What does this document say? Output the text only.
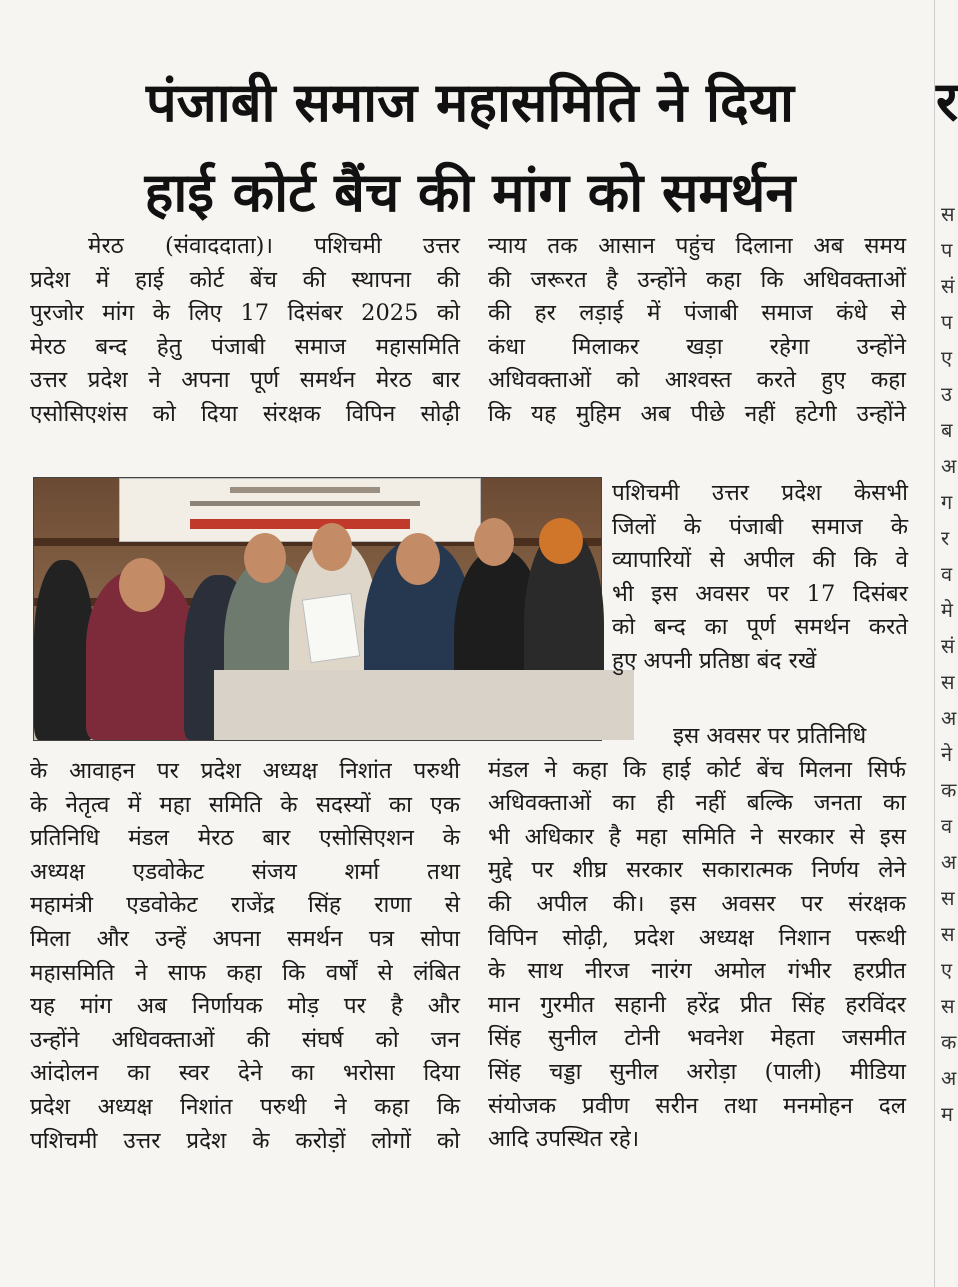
पंजाबी समाज महासमिति ने दिया
हाई कोर्ट बैंच की मांग को समर्थन
मेरठ (संवाददाता)। पशिचमी उत्तर
प्रदेश में हाई कोर्ट बेंच की स्थापना की
पुरजोर मांग के लिए 17 दिसंबर 2025 को
मेरठ बन्द हेतु पंजाबी समाज महासमिति
उत्तर प्रदेश ने अपना पूर्ण समर्थन मेरठ बार
एसोसिएशंस को दिया संरक्षक विपिन सोढ़ी
के आवाहन पर प्रदेश अध्यक्ष निशांत परुथी
के नेतृत्व में महा समिति के सदस्यों का एक
प्रतिनिधि मंडल मेरठ बार एसोसिएशन के
अध्यक्ष एडवोकेट संजय शर्मा तथा
महामंत्री एडवोकेट राजेंद्र सिंह राणा से
मिला और उन्हें अपना समर्थन पत्र सोपा
महासमिति ने साफ कहा कि वर्षों से लंबित
यह मांग अब निर्णायक मोड़ पर है और
उन्होंने अधिवक्ताओं की संघर्ष को जन
आंदोलन का स्वर देने का भरोसा दिया
प्रदेश अध्यक्ष निशांत परुथी ने कहा कि
पशिचमी उत्तर प्रदेश के करोड़ों लोगों को
न्याय तक आसान पहुंच दिलाना अब समय
की जरूरत है उन्होंने कहा कि अधिवक्ताओं
की हर लड़ाई में पंजाबी समाज कंधे से
कंधा मिलाकर खड़ा रहेगा उन्होंने
अधिवक्ताओं को आश्वस्त करते हुए कहा
कि यह मुहिम अब पीछे नहीं हटेगी उन्होंने
पशिचमी उत्तर प्रदेश केसभी
जिलों के पंजाबी समाज के
व्यापारियों से अपील की कि वे
भी इस अवसर पर 17 दिसंबर
को बन्द का पूर्ण समर्थन करते
हुए अपनी प्रतिष्ठा बंद रखें
इस अवसर पर प्रतिनिधि
मंडल ने कहा कि हाई कोर्ट बेंच मिलना सिर्फ
अधिवक्ताओं का ही नहीं बल्कि जनता का
भी अधिकार है महा समिति ने सरकार से इस
मुद्दे पर शीघ्र सरकार सकारात्मक निर्णय लेने
की अपील की। इस अवसर पर संरक्षक
विपिन सोढ़ी, प्रदेश अध्यक्ष निशान परूथी
के साथ नीरज नारंग अमोल गंभीर हरप्रीत
मान गुरमीत सहानी हरेंद्र प्रीत सिंह हरविंदर
सिंह सुनील टोनी भवनेश मेहता जसमीत
सिंह चड्डा सुनील अरोड़ा (पाली) मीडिया
संयोजक प्रवीण सरीन तथा मनमोहन दल
आदि उपस्थित रहे।
र
स
प
सं
प
ए
उ
ब
अ
ग
र
व
मे
सं
स
अ
ने
क
व
अ
स
स
ए
स
क
अ
म
